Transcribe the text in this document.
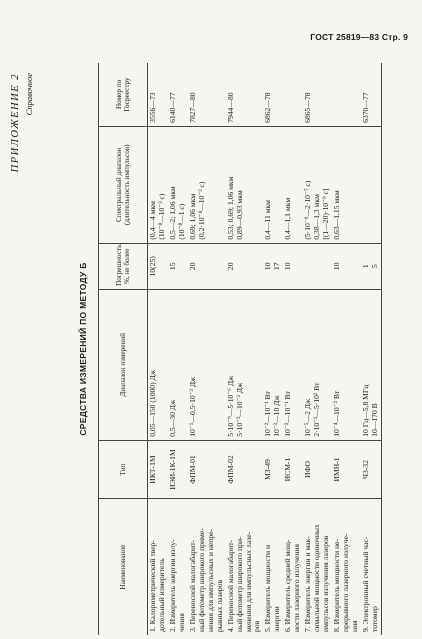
ГОСТ 25819—83 Стр. 9
ПРИЛОЖЕНИЕ 2 Справочное
СРЕДСТВА ИЗМЕРЕНИЙ ПО МЕТОДУ Б
Наименование	Тип	Диапазон измерений	Погрешность, %, не более	Спектральный диапазон (длительность импульсов)	Номер по Госреестру

1. Калориметрический твер- дотельный измеритель	ИКТ-1М	0,05—150 (1000) Дж	10(25)	(0,4—4 мкм (10⁻⁸—10⁻³ с)	3556—73

2. Измеритель энергии излу- чения	ИЭИ-1К-1М	0,5—30 Дж	15	0,5—2; 1,06 мкм (10⁻⁸—1 с)	6140—77

3. Переносной малогабарит- ный фотометр широкого приме- нения для импульсных и непре- рывных лазеров	ФПМ-01	10⁻⁵—0,5·10⁻³ Дж	20	0,69; 1,06 мкм (0,2·10⁻⁸—10⁻³ с)	7827—80

4. Переносной малогабарит- ный фотометр широкого при- менения для импульсных лазе- ров	ФПМ-02	5·10⁻⁹—5·10⁻⁶ Дж 5·10⁻³—10⁻³ Дж	20	0,53; 0,69; 1,06 мкм 0,89—0,93 мкм	7944—80

5. Измеритель мощности и энергии	МЗ-49	10⁻²—10⁻¹ Вт 10⁻³—10 Дж	10 17	0,4—11 мкм	6862—78

6. Измеритель средней мощ- ности лазерного излучения	ИСМ-1	10⁻³—10⁻¹ Вт	10	0,4—1,1 мкм	

7. Измеритель энергии и мак- симальной мощности одиночных импульсов излучения лазеров	ИФО	10⁻⁵—2 Дж 2·10⁻³—5·10³ Вт		(5·10⁻⁹—2·10⁻⁷ с) 0,38—1,3 мкм [(1—20)·10⁻⁹ с]	6865—78

8. Измеритель мощности не- прерывного лазерного излуче- ния	ИМН-1	10⁻⁴—10⁻² Вт	10	0,63—1,15 мкм	

9. Электронный счетный час- тотомер	Ч3-32	10 Гц—5,8 МГц 10—170 В	1 5		6370—77
